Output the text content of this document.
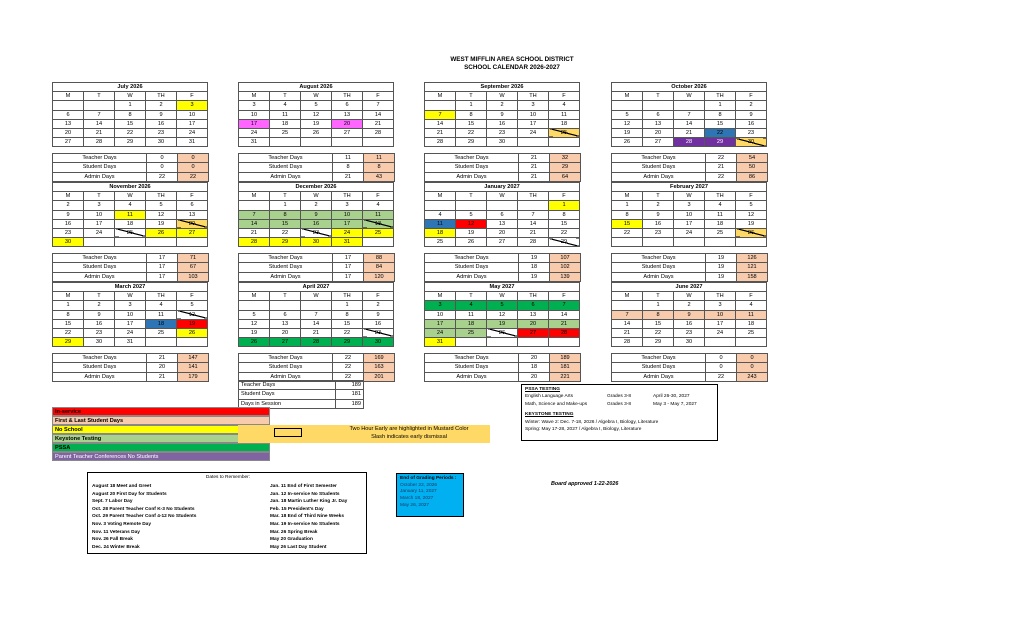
WEST MIFFLIN AREA SCHOOL DISTRICT
SCHOOL CALENDAR 2026-2027
July 2026				
M	T	W	TH	F
		1	2	3
6	7	8	9	10
13	14	15	16	17
20	21	22	23	24
27	28	29	30	31
Teacher Days	0	0
Student Days	0	0
Admin Days	22	22
August 2026				
M	T	W	TH	F
3	4	5	6	7
10	11	12	13	14
17	18	19	20	21
24	25	26	27	28
31				
Teacher Days	11	11
Student Days	8	8
Admin Days	21	43
September 2026				
M	T	W	TH	F
	1	2	3	4
7	8	9	10	11
14	15	16	17	18
21	22	23	24	25
28	29	30		
Teacher Days	21	32
Student Days	21	29
Admin Days	21	64
October 2026				
M	T	W	TH	F
			1	2
5	6	7	8	9
12	13	14	15	16
19	20	21	22	23
26	27	28	29	30
Teacher Days	22	54
Student Days	21	50
Admin Days	22	86
November 2026				
M	T	W	TH	F
2	3	4	5	6
9	10	11	12	13
16	17	18	19	20
23	24	25	26	27
30				
Teacher Days	17	71
Student Days	17	67
Admin Days	17	103
December 2026				
M	T	W	TH	F
	1	2	3	4
7	8	9	10	11
14	15	16	17	18
21	22	23	24	25
28	29	30	31	
Teacher Days	17	88
Student Days	17	84
Admin Days	17	120
January 2027				
M	T	W	TH	F
				1
4	5	6	7	8
11	12	13	14	15
18	19	20	21	22
25	26	27	28	29
Teacher Days	19	107
Student Days	18	102
Admin Days	19	139
February 2027				
M	T	W	TH	F
1	2	3	4	5
8	9	10	11	12
15	16	17	18	19
22	23	24	25	26

Teacher Days	19	126
Student Days	19	121
Admin Days	19	158
March 2027				
M	T	W	TH	F
1	2	3	4	5
8	9	10	11	12
15	16	17	18	19
22	23	24	25	26
29	30	31		
Teacher Days	21	147
Student Days	20	141
Admin Days	21	179
April 2027				
M	T	W	TH	F
			1	2
5	6	7	8	9
12	13	14	15	16
19	20	21	22	23
26	27	28	29	30
Teacher Days	22	169
Student Days	22	163
Admin Days	22	201
May 2027				
M	T	W	TH	F
3	4	5	6	7
10	11	12	13	14
17	18	19	20	21
24	25	26	27	28
31				
Teacher Days	20	189
Student Days	18	181
Admin Days	20	221
June 2027				
M	T	W	TH	F
	1	2	3	4
7	8	9	10	11
14	15	16	17	18
21	22	23	24	25
28	29	30		
Teacher Days	0	0
Student Days	0	0
Admin Days	22	243
Teacher Days	189
Student Days	181
Days in Session	189
In-service
First & Last Student Days
No School
Keystone Testing
PSSA
Parent Teacher Conferences No Students
Two Hour Early are highlighted in Mustard Color
Slash indicates early dismissal
PSSA TESTING
English Language Arts	Grades 3-8	April 26-30, 2027
Math, Science and Make-ups	Grades 3-8	May 3 - May 7, 2027
KEYSTONE TESTING
Winter: Wave 2: Dec. 7-18, 2026 / Algebra I, Biology, Literature
Spring: May 17-28, 2027 / Algebra I, Biology, Literature
Dates to Remember:
August 18 Meet and Greet
August 20 First Day for Students
Sept. 7 Labor Day
Oct. 28 Parent Teacher Conf K-3 No Students
Oct. 29 Parent Teacher Conf 4-12 No Students
Nov. 3 Voting Remote Day
Nov. 11 Veterans Day
Nov. 26 Fall Break
Dec. 24 Winter Break
Jan. 11 End of First Semester
Jan. 12 In-service No Students
Jan. 18 Martin Luther King Jr. Day
Feb. 15 President's Day
Mar. 18 End of Third Nine Weeks
Mar. 19 In-service No Students
Mar. 26 Spring Break
May 20 Graduation
May 26 Last Day Student
End of Grading Periods :
October 22, 2026
January 11, 2027
March 18, 2027
May 26, 2027
Board approved 1-22-2026
